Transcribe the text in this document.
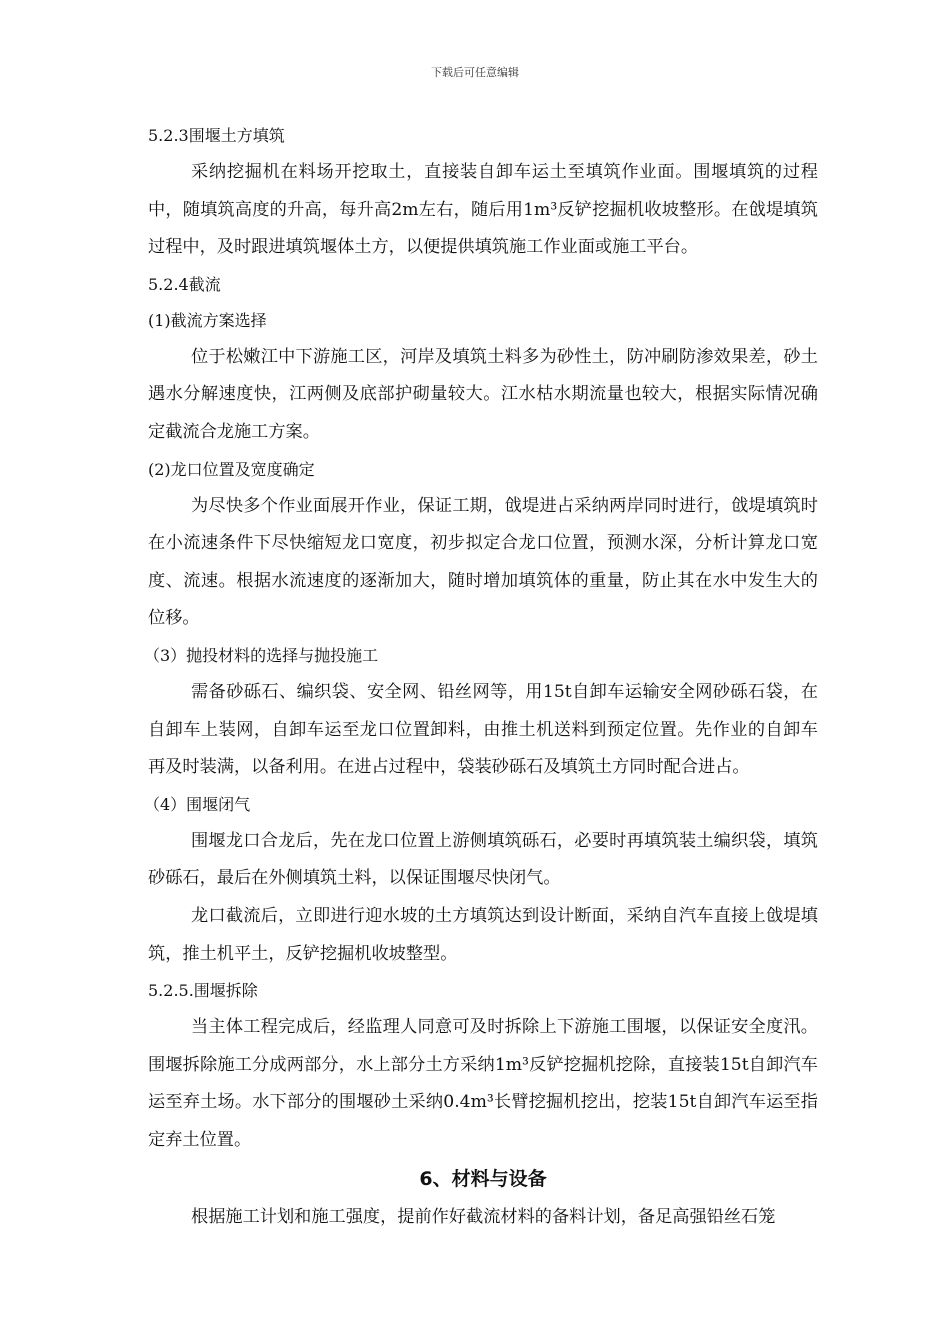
下载后可任意编辑
5.2.3围堰土方填筑

采纳挖掘机在料场开挖取土，直接装自卸车运土至填筑作业面。围堰填筑的过程中，随填筑高度的升高，每升高2m左右，随后用1m³反铲挖掘机收坡整形。在戗堤填筑过程中，及时跟进填筑堰体土方，以便提供填筑施工作业面或施工平台。

5.2.4截流
(1)截流方案选择

位于松嫩江中下游施工区，河岸及填筑土料多为砂性土，防冲刷防渗效果差，砂土遇水分解速度快，江两侧及底部护砌量较大。江水枯水期流量也较大，根据实际情况确定截流合龙施工方案。

(2)龙口位置及宽度确定

为尽快多个作业面展开作业，保证工期，戗堤进占采纳两岸同时进行，戗堤填筑时在小流速条件下尽快缩短龙口宽度，初步拟定合龙口位置，预测水深，分析计算龙口宽度、流速。根据水流速度的逐渐加大，随时增加填筑体的重量，防止其在水中发生大的位移。

（3）抛投材料的选择与抛投施工

需备砂砾石、编织袋、安全网、铅丝网等，用15t自卸车运输安全网砂砾石袋，在自卸车上装网，自卸车运至龙口位置卸料，由推土机送料到预定位置。先作业的自卸车再及时装满，以备利用。在进占过程中，袋装砂砾石及填筑土方同时配合进占。

（4）围堰闭气

围堰龙口合龙后，先在龙口位置上游侧填筑砾石，必要时再填筑装土编织袋，填筑砂砾石，最后在外侧填筑土料，以保证围堰尽快闭气。

龙口截流后，立即进行迎水坡的土方填筑达到设计断面，采纳自汽车直接上戗堤填筑，推土机平土，反铲挖掘机收坡整型。

5.2.5.围堰拆除

当主体工程完成后，经监理人同意可及时拆除上下游施工围堰，以保证安全度汛。围堰拆除施工分成两部分，水上部分土方采纳1m³反铲挖掘机挖除，直接装15t自卸汽车运至弃土场。水下部分的围堰砂土采纳0.4m³长臂挖掘机挖出，挖装15t自卸汽车运至指定弃土位置。

6、材料与设备

根据施工计划和施工强度，提前作好截流材料的备料计划，备足高强铅丝石笼
